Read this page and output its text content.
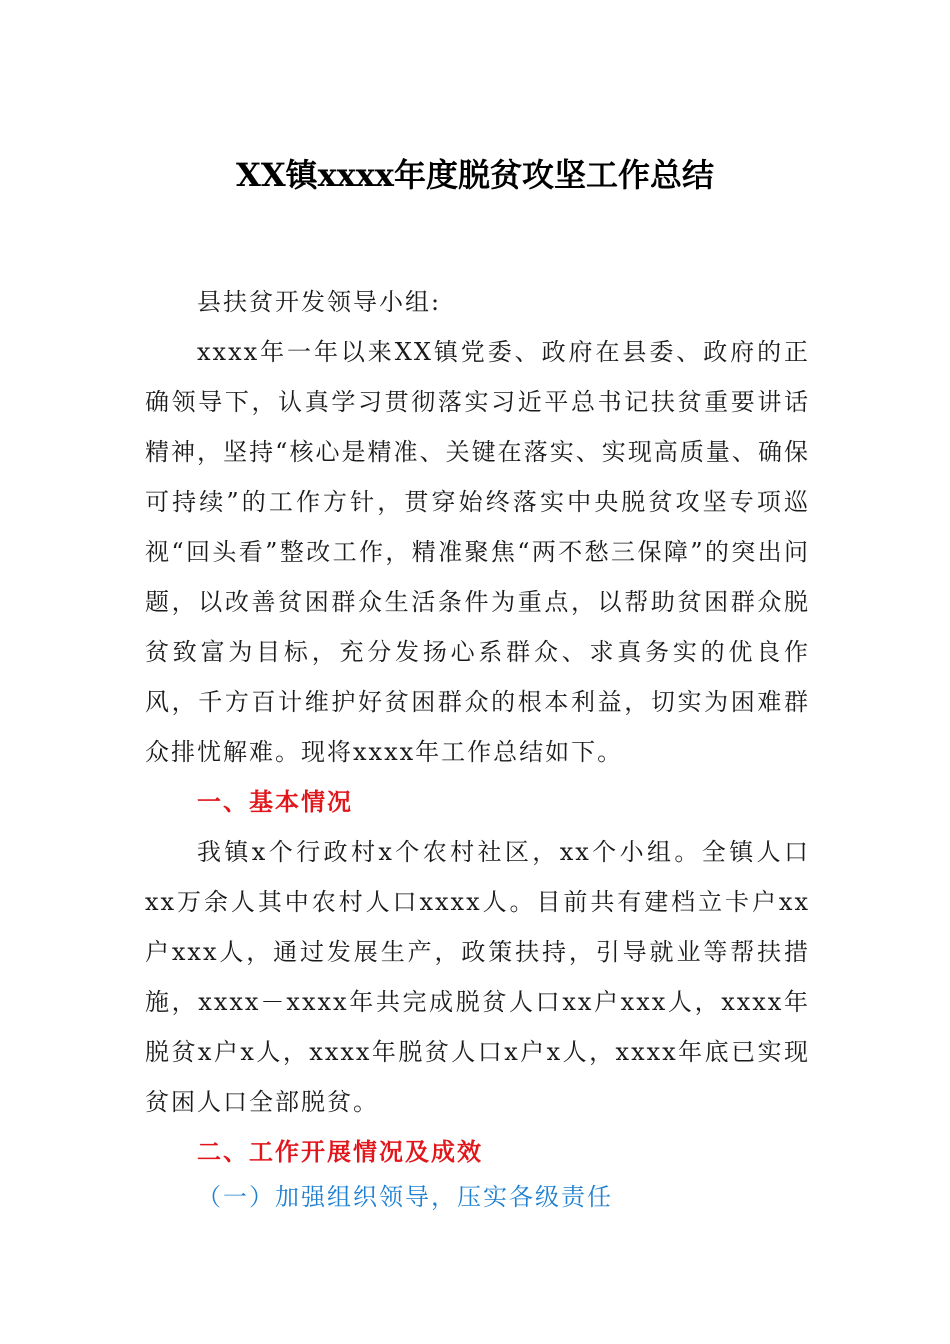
XX镇xxxx年度脱贫攻坚工作总结

县扶贫开发领导小组:

xxxx年一年以来XX镇党委、政府在县委、政府的正确领导下，认真学习贯彻落实习近平总书记扶贫重要讲话精神，坚持“核心是精准、关键在落实、实现高质量、确保可持续”的工作方针，贯穿始终落实中央脱贫攻坚专项巡视“回头看”整改工作，精准聚焦“两不愁三保障”的突出问题，以改善贫困群众生活条件为重点，以帮助贫困群众脱贫致富为目标，充分发扬心系群众、求真务实的优良作风，千方百计维护好贫困群众的根本利益，切实为困难群众排忧解难。现将xxxx年工作总结如下。

一、基本情况

我镇x个行政村x个农村社区，xx个小组。全镇人口xx万余人其中农村人口xxxx人。目前共有建档立卡户xx户xxx人，通过发展生产，政策扶持，引导就业等帮扶措施，xxxx－xxxx年共完成脱贫人口xx户xxx人，xxxx年脱贫x户x人，xxxx年脱贫人口x户x人，xxxx年底已实现贫困人口全部脱贫。

二、工作开展情况及成效

（一）加强组织领导，压实各级责任
